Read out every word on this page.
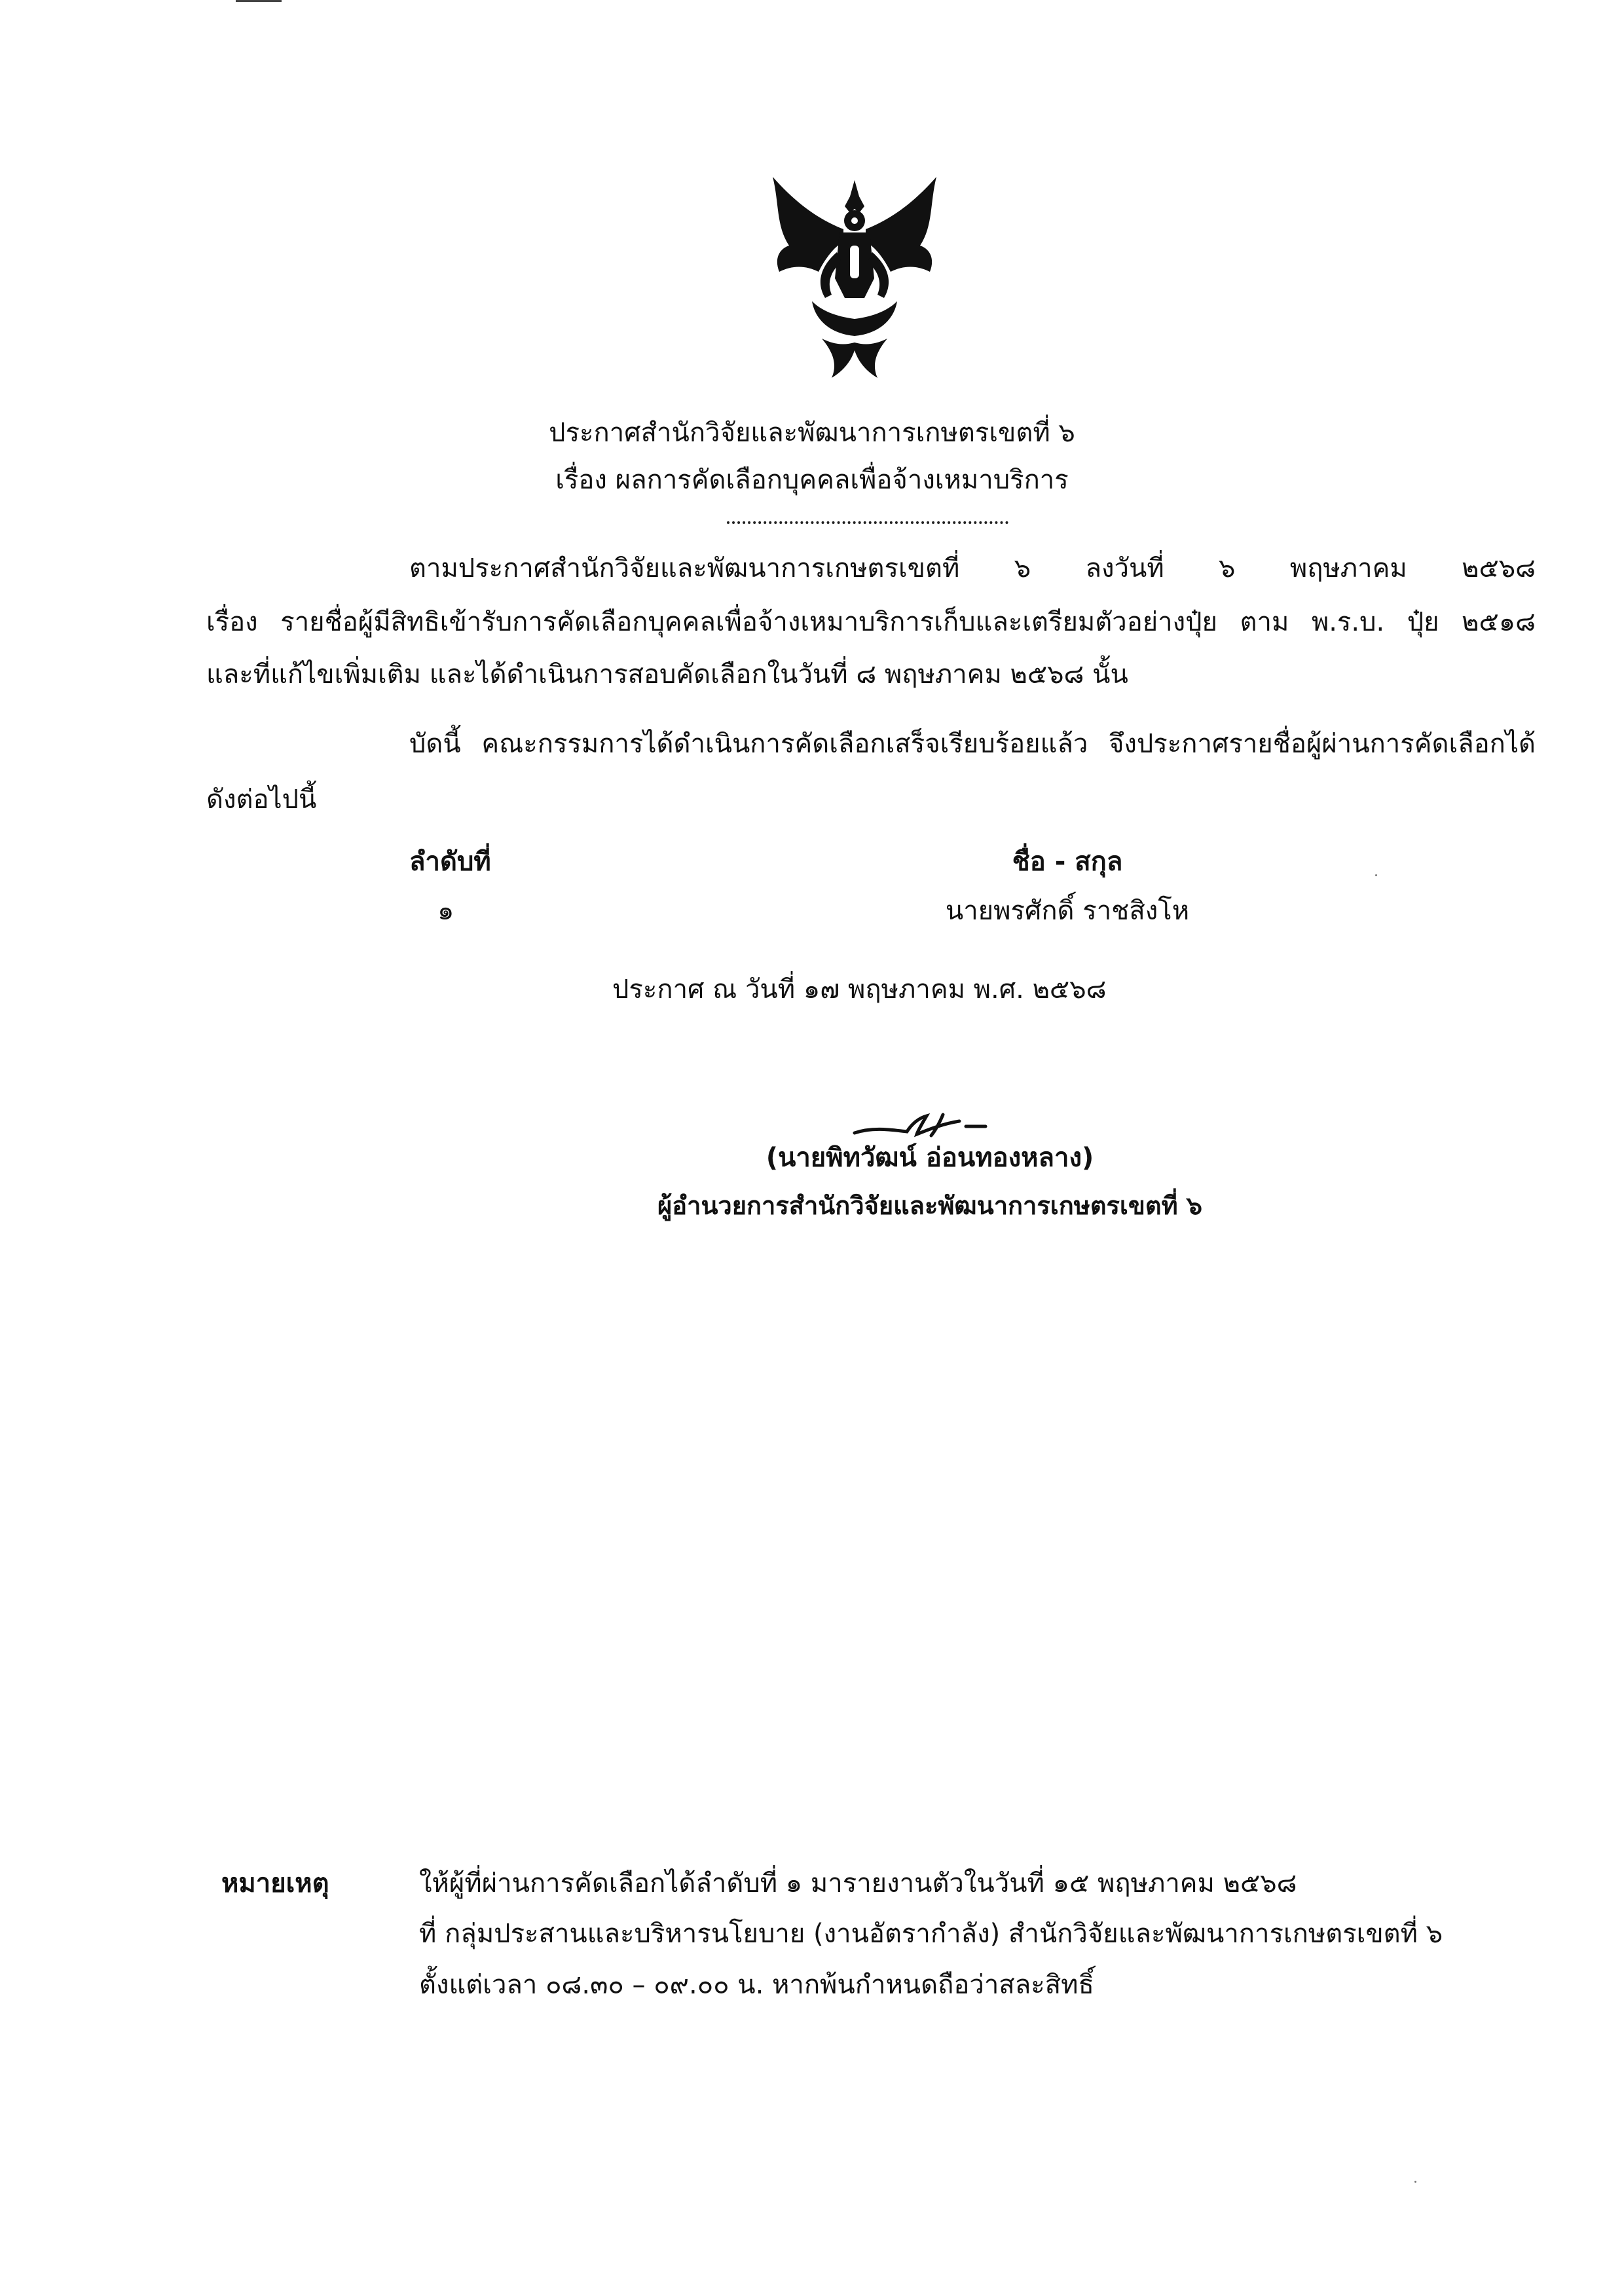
ประกาศสำนักวิจัยและพัฒนาการเกษตรเขตที่ ๖
เรื่อง ผลการคัดเลือกบุคคลเพื่อจ้างเหมาบริการ
ตามประกาศสำนักวิจัยและพัฒนาการเกษตรเขตที่ ๖ ลงวันที่ ๖ พฤษภาคม ๒๕๖๘
เรื่อง รายชื่อผู้มีสิทธิเข้ารับการคัดเลือกบุคคลเพื่อจ้างเหมาบริการเก็บและเตรียมตัวอย่างปุ๋ย ตาม พ.ร.บ. ปุ๋ย ๒๕๑๘
และที่แก้ไขเพิ่มเติม และได้ดำเนินการสอบคัดเลือกในวันที่ ๘ พฤษภาคม ๒๕๖๘ นั้น
บัดนี้ คณะกรรมการได้ดำเนินการคัดเลือกเสร็จเรียบร้อยแล้ว จึงประกาศรายชื่อผู้ผ่านการคัดเลือกได้
ดังต่อไปนี้
ลำดับที่	ชื่อ - สกุล
๑	นายพรศักดิ์ ราชสิงโห
ประกาศ ณ วันที่ ๑๗ พฤษภาคม พ.ศ. ๒๕๖๘
(นายพิทวัฒน์ อ่อนทองหลาง)
ผู้อำนวยการสำนักวิจัยและพัฒนาการเกษตรเขตที่ ๖
หมายเหตุ	ให้ผู้ที่ผ่านการคัดเลือกได้ลำดับที่ ๑ มารายงานตัวในวันที่ ๑๕ พฤษภาคม ๒๕๖๘
ที่ กลุ่มประสานและบริหารนโยบาย (งานอัตรากำลัง) สำนักวิจัยและพัฒนาการเกษตรเขตที่ ๖
ตั้งแต่เวลา ๐๘.๓๐ – ๐๙.๐๐ น. หากพ้นกำหนดถือว่าสละสิทธิ์
